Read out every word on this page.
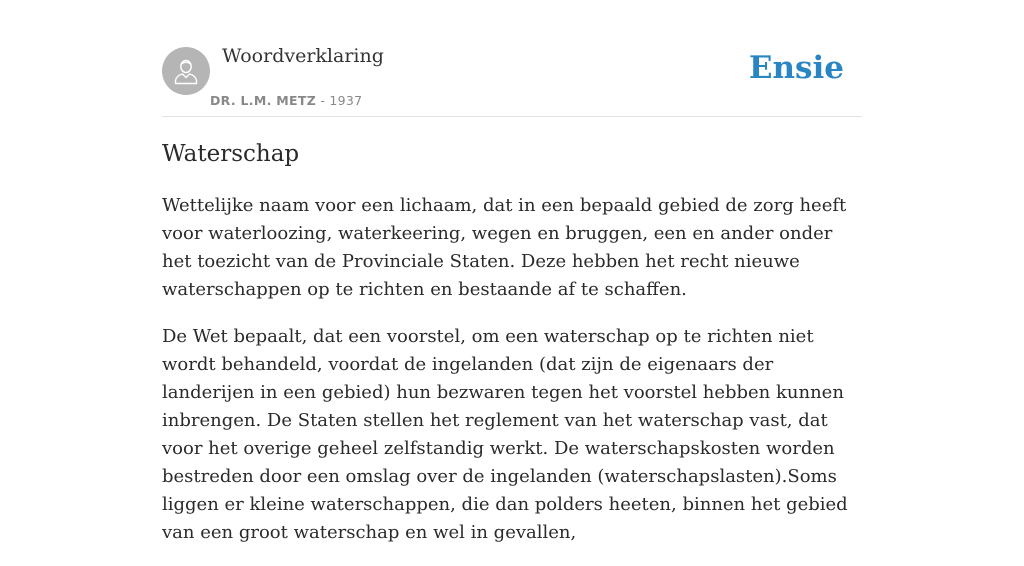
Woordverklaring
DR. L.M. METZ - 1937
Ensie
Waterschap

Wettelijke naam voor een lichaam, dat in een bepaald gebied de zorg heeft voor waterloozing, waterkeering, wegen en bruggen, een en ander onder het toezicht van de Provinciale Staten. Deze hebben het recht nieuwe waterschappen op te richten en bestaande af te schaffen.

De Wet bepaalt, dat een voorstel, om een waterschap op te richten niet wordt behandeld, voordat de ingelanden (dat zijn de eigenaars der landerijen in een gebied) hun bezwaren tegen het voorstel hebben kunnen inbrengen. De Staten stellen het reglement van het waterschap vast, dat voor het overige geheel zelfstandig werkt. De waterschapskosten worden bestreden door een omslag over de ingelanden (waterschapslasten).Soms liggen er kleine waterschappen, die dan polders heeten, binnen het gebied van een groot waterschap en wel in gevallen,
